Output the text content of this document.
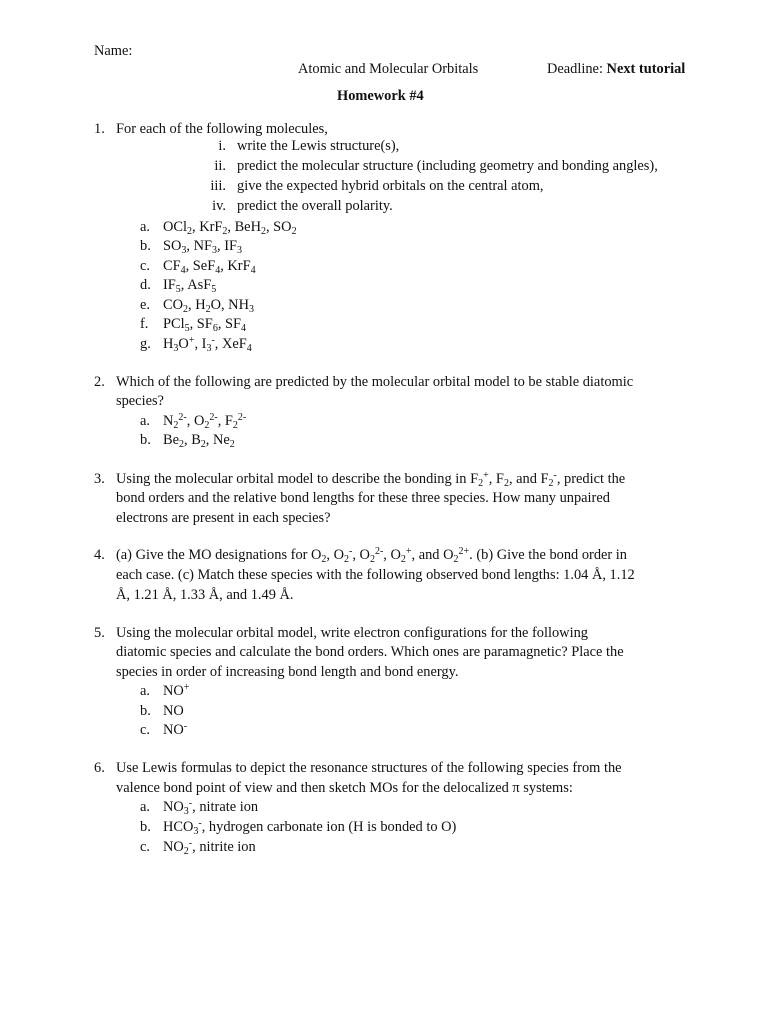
Name:
Atomic and Molecular Orbitals	Deadline: Next tutorial
Homework #4
1. For each of the following molecules,
i. write the Lewis structure(s),
ii. predict the molecular structure (including geometry and bonding angles),
iii. give the expected hybrid orbitals on the central atom,
iv. predict the overall polarity.
a. OCl$_2$, KrF$_2$, BeH$_2$, $SO_2$
b. $SO_3$, $NF_3$, $IF_3$
c. $CF_4$, SeF$_4$, KrF$_4$
d. $IF_5$, AsF$_5$
e. $CO_2$, $H_2O$, $NH_3$
f. PCl$_5$, $SF_6$, $SF_4$
g. $H_3O^+$, $I_3^-$, XeF$_4$
2. Which of the following are predicted by the molecular orbital model to be stable diatomic
species?
a. $N_2^{2-}$, $O_2^{2-}$, $F_2^{2-}$
b. $Be_2$, $B_2$, $Ne_2$
3. Using the molecular orbital model to describe the bonding in $F_2^+$, $F_2$, and $F_2^-$, predict the
bond orders and the relative bond lengths for these three species. How many unpaired
electrons are present in each species?
4. (a) Give the MO designations for $O_2$, $O_2^-$, $O_2^{2-}$, $O_2^+$, and $O_2^{2+}$. (b) Give the bond order in
each case. (c) Match these species with the following observed bond lengths: 1.04 Å, 1.12
Å, 1.21 Å, 1.33 Å, and 1.49 Å.
5. Using the molecular orbital model, write electron configurations for the following
diatomic species and calculate the bond orders. Which ones are paramagnetic? Place the
species in order of increasing bond length and bond energy.
a. NO+
b. NO
c. NO-
6. Use Lewis formulas to depict the resonance structures of the following species from the
valence bond point of view and then sketch MOs for the delocalized π systems:
a. $NO_3^-$, nitrate ion
b. $HCO_3^-$, hydrogen carbonate ion (H is bonded to O)
c. $NO_2^-$, nitrite ion
